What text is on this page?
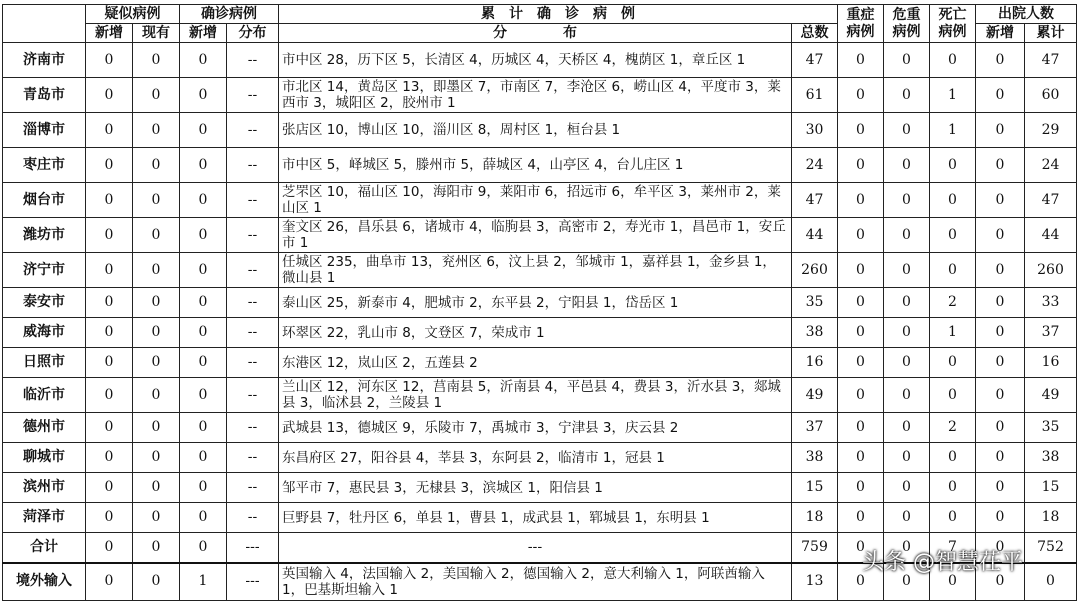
	疑似病例		确诊病例		累　计　确　诊　病　例		重症病例	危重病例	死亡病例	出院人数	
	新增	现有	新增	分布	分　　　　布	总数				新增	累计
济南市	0	0	0	--	市中区 28，历下区 5，长清区 4，历城区 4，天桥区 4，槐荫区 1，章丘区 1	47	0	0	0	0	47
青岛市	0	0	0	--	市北区 14，黄岛区 13，即墨区 7，市南区 7，李沧区 6，崂山区 4，平度市 3，莱西市 3，城阳区 2，胶州市 1	61	0	0	1	0	60
淄博市	0	0	0	--	张店区 10，博山区 10，淄川区 8，周村区 1，桓台县 1	30	0	0	1	0	29
枣庄市	0	0	0	--	市中区 5，峄城区 5，滕州市 5，薛城区 4，山亭区 4，台儿庄区 1	24	0	0	0	0	24
烟台市	0	0	0	--	芝罘区 10，福山区 10，海阳市 9，莱阳市 6，招远市 6，牟平区 3，莱州市 2，莱山区 1	47	0	0	0	0	47
潍坊市	0	0	0	--	奎文区 26，昌乐县 6，诸城市 4，临朐县 3，高密市 2，寿光市 1，昌邑市 1，安丘市 1	44	0	0	0	0	44
济宁市	0	0	0	--	任城区 235，曲阜市 13，兖州区 6，汶上县 2，邹城市 1，嘉祥县 1，金乡县 1，微山县 1	260	0	0	0	0	260
泰安市	0	0	0	--	泰山区 25，新泰市 4，肥城市 2，东平县 2，宁阳县 1，岱岳区 1	35	0	0	2	0	33
威海市	0	0	0	--	环翠区 22，乳山市 8，文登区 7，荣成市 1	38	0	0	1	0	37
日照市	0	0	0	--	东港区 12，岚山区 2，五莲县 2	16	0	0	0	0	16
临沂市	0	0	0	--	兰山区 12，河东区 12，莒南县 5，沂南县 4，平邑县 4，费县 3，沂水县 3，郯城县 3，临沭县 2，兰陵县 1	49	0	0	0	0	49
德州市	0	0	0	--	武城县 13，德城区 9，乐陵市 7，禹城市 3，宁津县 3，庆云县 2	37	0	0	2	0	35
聊城市	0	0	0	--	东昌府区 27，阳谷县 4，莘县 3，东阿县 2，临清市 1，冠县 1	38	0	0	0	0	38
滨州市	0	0	0	--	邹平市 7，惠民县 3，无棣县 3，滨城区 1，阳信县 1	15	0	0	0	0	15
菏泽市	0	0	0	--	巨野县 7，牡丹区 6，单县 1，曹县 1，成武县 1，郓城县 1，东明县 1	18	0	0	0	0	18
合计	0	0	0	---	---	759	0	0	7	0	752
境外输入	0	0	1	---	英国输入 4，法国输入 2，美国输入 2，德国输入 2，意大利输入 1，阿联酋输入 1，巴基斯坦输入 1	13	0	0	0	0	0
头条 @智慧茌平
